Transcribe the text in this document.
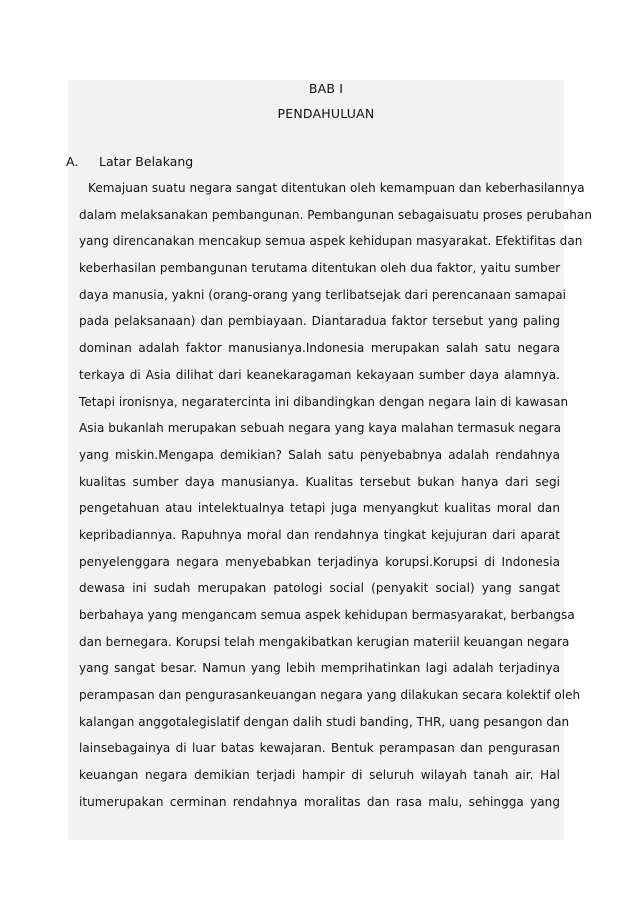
BAB I
PENDAHULUAN
A. Latar Belakang
Kemajuan suatu negara sangat ditentukan oleh kemampuan dan keberhasilannya
dalam melaksanakan pembangunan. Pembangunan sebagaisuatu proses perubahan
yang direncanakan mencakup semua aspek kehidupan masyarakat. Efektifitas dan
keberhasilan pembangunan terutama ditentukan oleh dua faktor, yaitu sumber
daya manusia, yakni (orang-orang yang terlibatsejak dari perencanaan samapai
pada pelaksanaan) dan pembiayaan. Diantaradua faktor tersebut yang paling
dominan adalah faktor manusianya.Indonesia merupakan salah satu negara
terkaya di Asia dilihat dari keanekaragaman kekayaan sumber daya alamnya.
Tetapi ironisnya, negaratercinta ini dibandingkan dengan negara lain di kawasan
Asia bukanlah merupakan sebuah negara yang kaya malahan termasuk negara
yang miskin.Mengapa demikian? Salah satu penyebabnya adalah rendahnya
kualitas sumber daya manusianya. Kualitas tersebut bukan hanya dari segi
pengetahuan atau intelektualnya tetapi juga menyangkut kualitas moral dan
kepribadiannya. Rapuhnya moral dan rendahnya tingkat kejujuran dari aparat
penyelenggara negara menyebabkan terjadinya korupsi.Korupsi di Indonesia
dewasa ini sudah merupakan patologi social (penyakit social) yang sangat
berbahaya yang mengancam semua aspek kehidupan bermasyarakat, berbangsa
dan bernegara. Korupsi telah mengakibatkan kerugian materiil keuangan negara
yang sangat besar. Namun yang lebih memprihatinkan lagi adalah terjadinya
perampasan dan pengurasankeuangan negara yang dilakukan secara kolektif oleh
kalangan anggotalegislatif dengan dalih studi banding, THR, uang pesangon dan
lainsebagainya di luar batas kewajaran. Bentuk perampasan dan pengurasan
keuangan negara demikian terjadi hampir di seluruh wilayah tanah air. Hal
itumerupakan cerminan rendahnya moralitas dan rasa malu, sehingga yang
